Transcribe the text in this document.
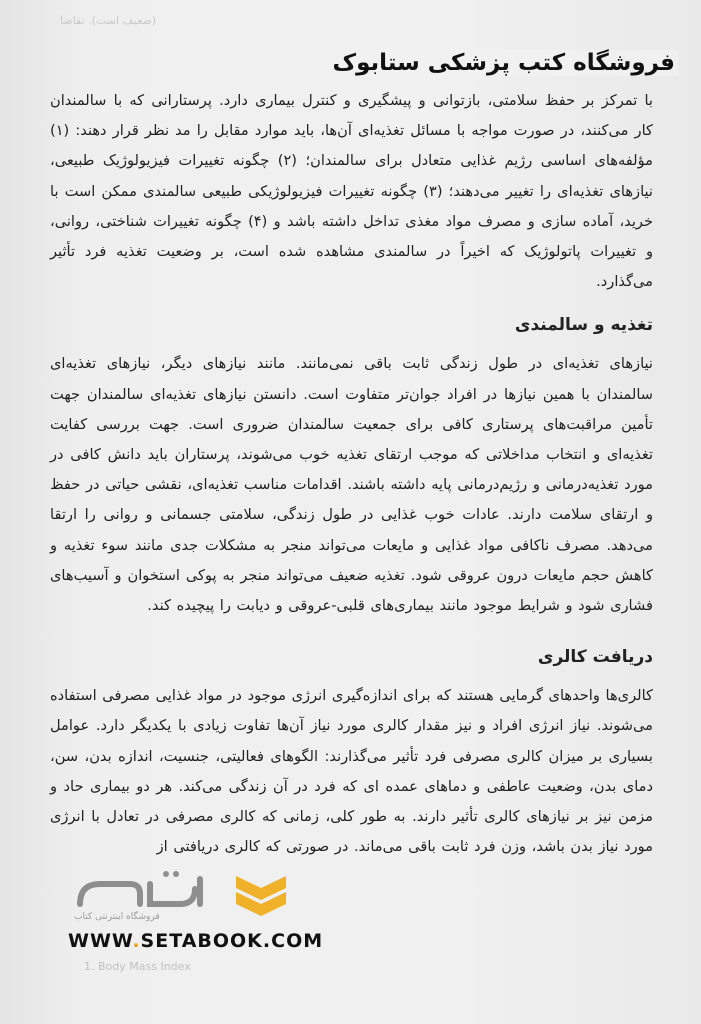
(ضعیف است). تقاضا
فروشگاه کتب پزشکی ستابوک

با تمرکز بر حفظ سلامتی، بازتوانی و پیشگیری و کنترل بیماری دارد. پرستارانی که با سالمندان کار می‌کنند، در صورت مواجه با مسائل تغذیه‌ای آن‌ها، باید موارد مقابل را مد نظر قرار دهند: (۱) مؤلفه‌های اساسی رژیم غذایی متعادل برای سالمندان؛ (۲) چگونه تغییرات فیزیولوژیک طبیعی، نیازهای تغذیه‌ای را تغییر می‌دهند؛ (۳) چگونه تغییرات فیزیولوژیکی طبیعی سالمندی ممکن است با خرید، آماده سازی و مصرف مواد مغذی تداخل داشته باشد و (۴) چگونه تغییرات شناختی، روانی، و تغییرات پاتولوژیک که اخیراً در سالمندی مشاهده شده است، بر وضعیت تغذیه فرد تأثیر می‌گذارد.

تغذیه و سالمندی

نیازهای تغذیه‌ای در طول زندگی ثابت باقی نمی‌مانند. مانند نیازهای دیگر، نیازهای تغذیه‌ای سالمندان با همین نیازها در افراد جوان‌تر متفاوت است. دانستن نیازهای تغذیه‌ای سالمندان جهت تأمین مراقبت‌های پرستاری کافی برای جمعیت سالمندان ضروری است. جهت بررسی کفایت تغذیه‌ای و انتخاب مداخلاتی که موجب ارتقای تغذیه خوب می‌شوند، پرستاران باید دانش کافی در مورد تغذیه‌درمانی و رژیم‌درمانی پایه داشته باشند. اقدامات مناسب تغذیه‌ای، نقشی حیاتی در حفظ و ارتقای سلامت دارند. عادات خوب غذایی در طول زندگی، سلامتی جسمانی و روانی را ارتقا می‌دهد. مصرف ناکافی مواد غذایی و مایعات می‌تواند منجر به مشکلات جدی مانند سوء تغذیه و کاهش حجم مایعات درون عروقی شود. تغذیه ضعیف می‌تواند منجر به پوکی استخوان و آسیب‌های فشاری شود و شرایط موجود مانند بیماری‌های قلبی-عروقی و دیابت را پیچیده کند.

دریافت کالری

کالری‌ها واحدهای گرمایی هستند که برای اندازه‌گیری انرژی موجود در مواد غذایی مصرفی استفاده می‌شوند. نیاز انرژی افراد و نیز مقدار کالری مورد نیاز آن‌ها تفاوت زیادی با یکدیگر دارد. عوامل بسیاری بر میزان کالری مصرفی فرد تأثیر می‌گذارند: الگوهای فعالیتی، جنسیت، اندازه بدن، سن، دمای بدن، وضعیت عاطفی و دماهای عمده ای که فرد در آن زندگی می‌کند. هر دو بیماری حاد و مزمن نیز بر نیازهای کالری تأثیر دارند. به طور کلی، زمانی که کالری مصرفی در تعادل با انرژی مورد نیاز بدن باشد، وزن فرد ثابت باقی می‌ماند. در صورتی که کالری دریافتی از

فروشگاه اینترنتی کتاب
WWW.SETABOOK.COM
1. Body Mass Index
